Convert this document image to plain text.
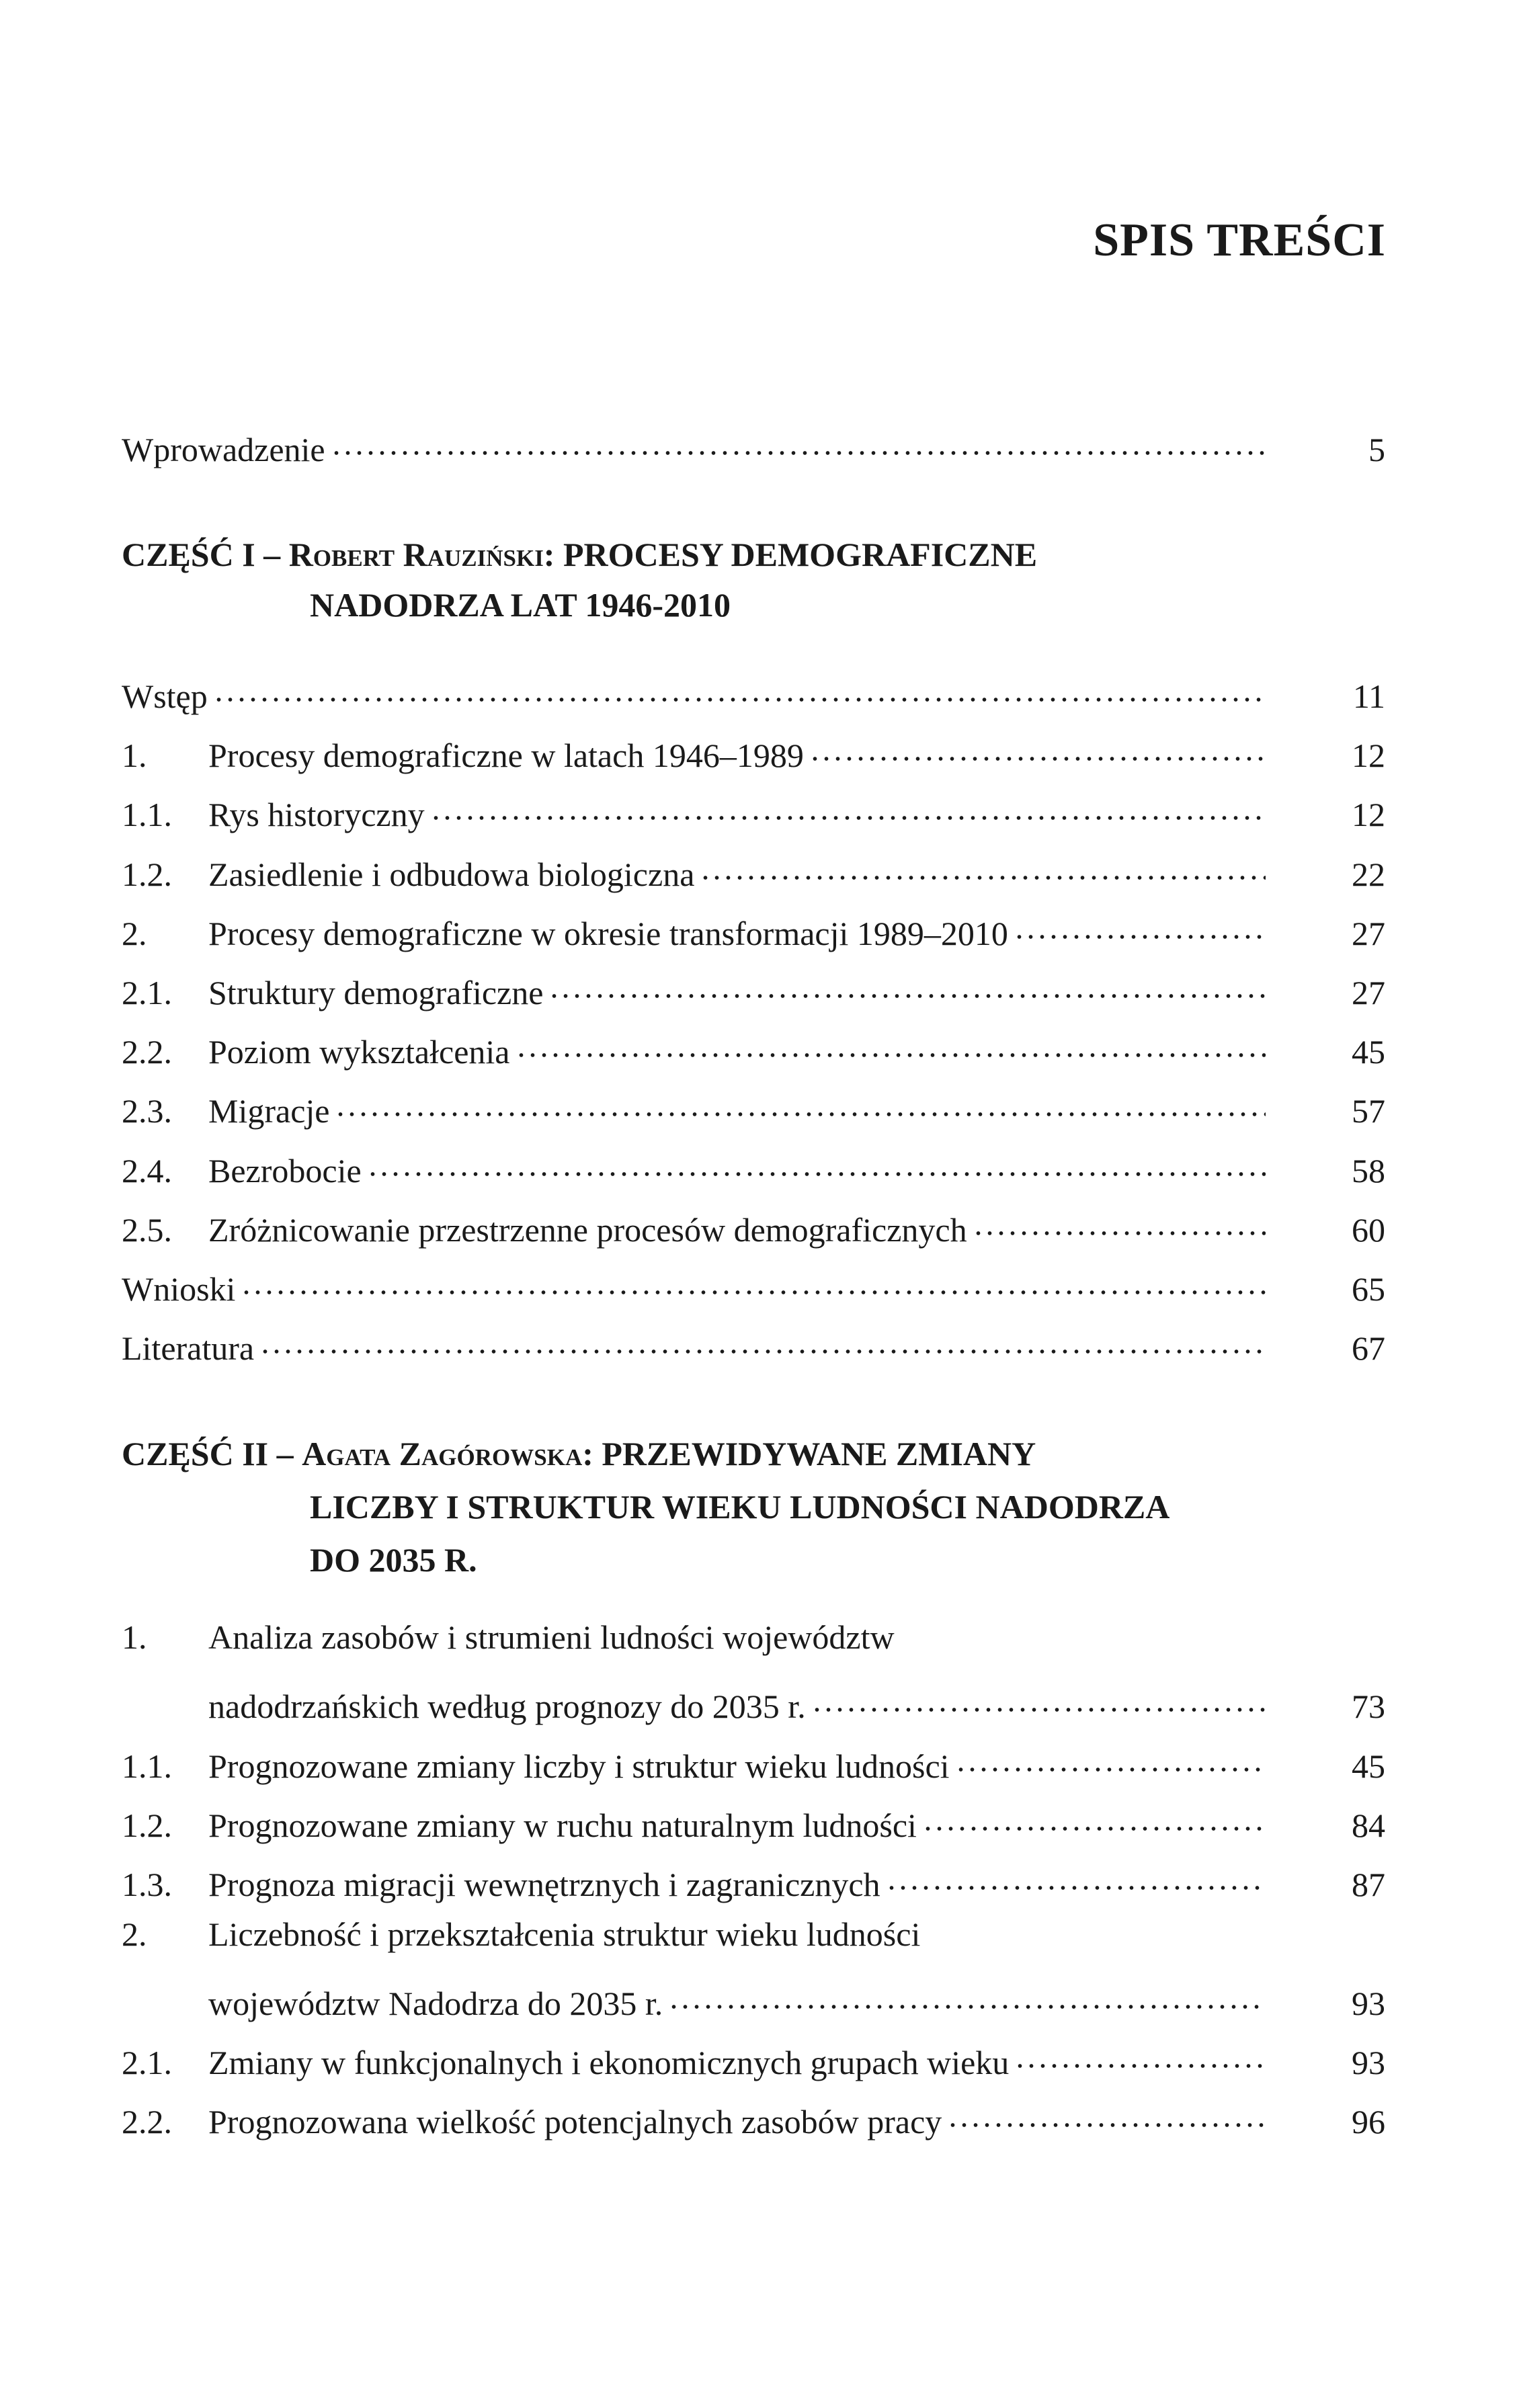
SPIS TREŚCI
Wprowadzenie	5
CZĘŚĆ I – Robert Rauziński: PROCESY DEMOGRAFICZNE
NADODRZA LAT 1946-2010
Wstęp	11
1.	Procesy demograficzne w latach 1946–1989	12
1.1.	Rys historyczny	12
1.2.	Zasiedlenie i odbudowa biologiczna	22
2.	Procesy demograficzne w okresie transformacji 1989–2010	27
2.1.	Struktury demograficzne	27
2.2.	Poziom wykształcenia	45
2.3.	Migracje	57
2.4.	Bezrobocie	58
2.5.	Zróżnicowanie przestrzenne procesów demograficznych	60
Wnioski	65
Literatura	67
CZĘŚĆ II – Agata Zagórowska: PRZEWIDYWANE ZMIANY
LICZBY I STRUKTUR WIEKU LUDNOŚCI NADODRZA
DO 2035 R.
1.	Analiza zasobów i strumieni ludności województw
nadodrzańskich według prognozy do 2035 r.	73
1.1.	Prognozowane zmiany liczby i struktur wieku ludności	45
1.2.	Prognozowane zmiany w ruchu naturalnym ludności	84
1.3.	Prognoza migracji wewnętrznych i zagranicznych	87
2.	Liczebność i przekształcenia struktur wieku ludności
województw Nadodrza do 2035 r.	93
2.1.	Zmiany w funkcjonalnych i ekonomicznych grupach wieku	93
2.2.	Prognozowana wielkość potencjalnych zasobów pracy	96
